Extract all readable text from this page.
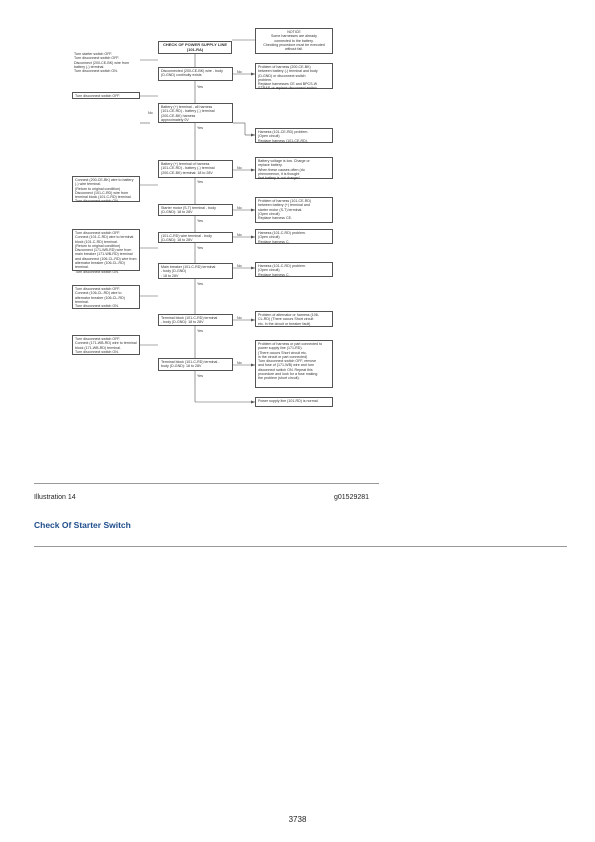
NOTICE
Some harnesses are already
connected to the battery.
Checking procedure must be executed
without fail.
CHECK OF POWER SUPPLY LINE
(101-RA)
Turn starter switch OFF.
Turn disconnect switch OFF.
Disconnect (200-CE-BK) wire from
battery (-) terminal.
Turn disconnect switch ON.	Disconnected (200-CE-BK) wire - body
(D-GND) continuity exists
Problem of harness (200-CE-BK)
between battery (-) terminal and body
(D-GND) or disconnect switch
problem.
Replace harnesses CE and BPCS-W
STRAP, or replace disconnect switch.
Turn disconnect switch OFF.
Battery (+) terminal - all harness
(101-CE-RD) - battery (-) terminal
(200-CE-BK) harness
approximately 0V
Harness (101-CE-RD) problem.
(Open circuit)
Replace harness (101-CE-RD).
Battery (+) terminal of harness
(101-CE-RD) - battery (-) terminal
(200-CE-BK) terminal: 18 to 28V
Battery voltage is low. Charge or
replace battery.
When these causes often (do
phenomenon, it is thought
that battery is not charged.
Connect (200-CE-BK) wire to battery
(-) wire terminal.
(Return to original condition)
Disconnect (101-C-RD) wire from
terminal block (101-C-RD) terminal.
Turn disconnect switch ON.
Starter motor (S-T) terminal - body
(D-GND): 18 to 28V
Problem of harness (101-CE-RD)
between battery (+) terminal and
starter motor (S-T) terminal.
(Open circuit)
Replace harness CE.
Turn disconnect switch OFF.
Connect (101-C-RD) wire to terminal
block (101-C-RD) terminal.
(Return to original condition)
Disconnect (171-WB-RD) wire from
main breaker (171-WB-RD) terminal
and disconnect (106-CL-RD) wire from
alternator breaker (106-CL-RD)
terminal.
Turn disconnect switch ON.
(101-C-RD) wire terminal - body
(D-GND): 18 to 28V
Harness (101-C-RD) problem.
(Open circuit)
Replace harness C.
Main breaker (101-C-RD) terminal
- body (D-GND)
: 18 to 28V
Harness (101-C-RD) problem.
(Open circuit)
Replace harness C.
Turn disconnect switch OFF.
Connect (106-CL-RD) wire to
alternator breaker (106-CL-RD)
terminal.
Turn disconnect switch ON.
Terminal block (101-C-RD) terminal
- body (D-GND): 18 to 28V
Problem of alternator or harness (106-
CL-RD) (There occurs Short circuit
etc. in the circuit or breaker fault)
Turn disconnect switch OFF.
Connect (171-WB-RD) wire to terminal
block (171-WB-RD) terminal.
Turn disconnect switch ON.
Terminal block (101-C-RD) terminal -
body (D-GND): 18 to 28V
Problem of harness or part connected to
power supply line (171-RD).
(There occurs Short circuit etc.
in the circuit or part connected)
Turn disconnect switch OFF, remove
and fuse of (171-WB) wire and turn
disconnect switch ON. Repeat this
procedure and look for a fuse making
the problem (short circuit).
Power supply line (101-RD) is normal.
No
Yes
No
Yes
No
Yes
No
Yes
No
Yes
No
Yes
No
Yes
No
Yes
Illustration 14	g01529281
Check Of Starter Switch
3738
